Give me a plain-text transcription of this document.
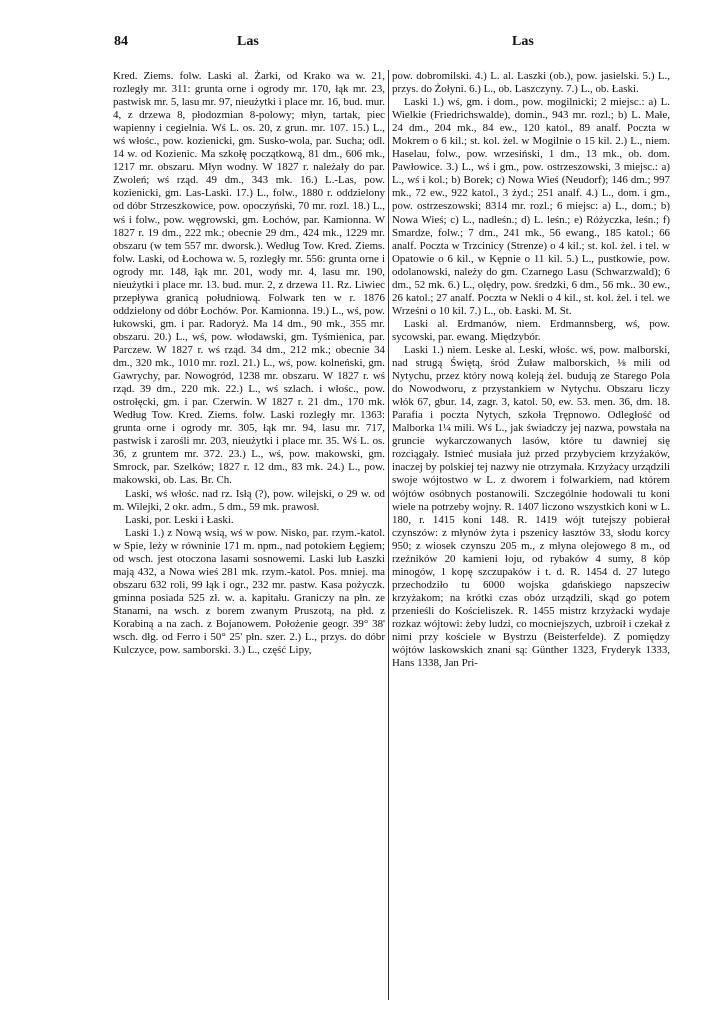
84	Las	Las

Kred. Ziems. folw. Laski al. Żarki, od Krako wa w. 21, rozległy mr. 311: grunta orne i ogrody mr. 170, łąk mr. 23, pastwisk mr. 5, lasu mr. 97, nieużytki i place mr. 16, bud. mur. 4, z drzewa 8, płodozmian 8-polowy; młyn, tartak, piec wapienny i cegielnia. Wś L. os. 20, z grun. mr. 107. 15.) L., wś włośc., pow. kozienicki, gm. Susko-wola, par. Sucha; odl. 14 w. od Kozienic. Ma szkołę początkową, 81 dm., 606 mk., 1217 mr. obszaru. Młyn wodny. W 1827 r. należały do par. Zwoleń; wś rząd. 49 dm., 343 mk. 16.) L.-Las, pow. kozienicki, gm. Las-Laski. 17.) L., folw., 1880 r. oddzielony od dóbr Strzeszkowice, pow. opoczyński, 70 mr. rozl. 18.) L., wś i folw., pow. węgrowski, gm. Łochów, par. Kamionna. W 1827 r. 19 dm., 222 mk.; obecnie 29 dm., 424 mk., 1229 mr. obszaru (w tem 557 mr. dworsk.). Według Tow. Kred. Ziems. folw. Laski, od Łochowa w. 5, rozległy mr. 556: grunta orne i ogrody mr. 148, łąk mr. 201, wody mr. 4, lasu mr. 190, nieużytki i place mr. 13. bud. mur. 2, z drzewa 11. Rz. Liwiec przepływa granicą południową. Folwark ten w r. 1876 oddzielony od dóbr Łochów. Por. Kamionna. 19.) L., wś, pow. łukowski, gm. i par. Radoryż. Ma 14 dm., 90 mk., 355 mr. obszaru. 20.) L., wś, pow. włodawski, gm. Tyśmienica, par. Parczew. W 1827 r. wś rząd. 34 dm., 212 mk.; obecnie 34 dm., 320 mk., 1010 mr. rozl. 21.) L., wś, pow. kolneński, gm. Gawrychy, par. Nowogród, 1238 mr. obszaru. W 1827 r. wś rząd. 39 dm., 220 mk. 22.) L., wś szlach. i włośc., pow. ostrołęcki, gm. i par. Czerwin. W 1827 r. 21 dm., 170 mk. Według Tow. Kred. Ziems. folw. Laski rozległy mr. 1363: grunta orne i ogrody mr. 305, łąk mr. 94, lasu mr. 717, pastwisk i zarośli mr. 203, nieużytki i place mr. 35. Wś L. os. 36, z gruntem mr. 372. 23.) L., wś, pow. makowski, gm. Smrock, par. Szelków; 1827 r. 12 dm., 83 mk. 24.) L., pow. makowski, ob. Las. Br. Ch.

Laski, wś włośc. nad rz. Isłą (?), pow. wilejski, o 29 w. od m. Wilejki, 2 okr. adm., 5 dm., 59 mk. prawosł.

Laski, por. Leski i Łaski.

Laski 1.) z Nową wsią, wś w pow. Nisko, par. rzym.-katol. w Spie, leży w równinie 171 m. npm., nad potokiem Łęgiem; od wsch. jest otoczona lasami sosnowemi. Laski lub Łaszki mają 432, a Nowa wieś 281 mk. rzym.-katol. Pos. mniej. ma obszaru 632 roli, 99 łąk i ogr., 232 mr. pastw. Kasa pożyczk. gminna posiada 525 zł. w. a. kapitału. Graniczy na płn. ze Stanami, na wsch. z borem zwanym Pruszotą, na płd. z Korabiną a na zach. z Bojanowem. Położenie geogr. 39° 38' wsch. dłg. od Ferro i 50° 25' płn. szer. 2.) L., przys. do dóbr Kulczyce, pow. samborski. 3.) L., część Lipy,

pow. dobromilski. 4.) L. al. Laszki (ob.), pow. jasielski. 5.) L., przys. do Żołyni. 6.) L., ob. Laszczyny. 7.) L., ob. Łaski.

Laski 1.) wś, gm. i dom., pow. mogilnicki; 2 miejsc.: a) L. Wielkie (Friedrichswalde), domin., 943 mr. rozl.; b) L. Małe, 24 dm., 204 mk., 84 ew., 120 katol., 89 analf. Poczta w Mokrem o 6 kil.; st. kol. żel. w Mogilnie o 15 kil. 2.) L., niem. Haselau, folw., pow. wrzesiński, 1 dm., 13 mk., ob. dom. Pawłowice. 3.) L., wś i gm., pow. ostrzeszowski, 3 miejsc.: a) L., wś i kol.; b) Borek; c) Nowa Wieś (Neudorf); 146 dm.; 997 mk., 72 ew., 922 katol., 3 żyd.; 251 analf. 4.) L., dom. i gm., pow. ostrzeszowski; 8314 mr. rozl.; 6 miejsc: a) L., dom.; b) Nowa Wieś; c) L., nadleśn.; d) L. leśn.; e) Różyczka, leśn.; f) Smardze, folw.; 7 dm., 241 mk., 56 ewang., 185 katol.; 66 analf. Poczta w Trzcinicy (Strenze) o 4 kil.; st. kol. żel. i tel. w Opatowie o 6 kil., w Kępnie o 11 kil. 5.) L., pustkowie, pow. odolanowski, należy do gm. Czarnego Lasu (Schwarzwald); 6 dm., 52 mk. 6.) L., olędry, pow. średzki, 6 dm., 56 mk.. 30 ew., 26 katol.; 27 analf. Poczta w Nekli o 4 kil., st. kol. żel. i tel. we Wrześni o 10 kil. 7.) L., ob. Łaski. M. St.

Laski al. Erdmanów, niem. Erdmannsberg, wś, pow. sycowski, par. ewang. Międzybór.

Laski 1.) niem. Leske al. Leski, włośc. wś, pow. malborski, nad strugą Świętą, śród Żuław malborskich, ⅛ mili od Nytychu, przez który nową koleją żel. budują ze Starego Pola do Nowodworu, z przystankiem w Nytychu. Obszaru liczy włók 67, gbur. 14, zagr. 3, katol. 50, ew. 53. men. 36, dm. 18. Parafia i poczta Nytych, szkoła Trępnowo. Odległość od Malborka 1¼ mili. Wś L., jak świadczy jej nazwa, powstała na gruncie wykarczowanych lasów, które tu dawniej się rozciągały. Istnieć musiała już przed przybyciem krzyżaków, inaczej by polskiej tej nazwy nie otrzymała. Krzyżacy urządzili swoje wójtostwo w L. z dworem i folwarkiem, nad którem wójtów osóbnych postanowili. Szczególnie hodowali tu koni wiele na potrzeby wojny. R. 1407 liczono wszystkich koni w L. 180, r. 1415 koni 148. R. 1419 wójt tutejszy pobierał czynszów: z młynów żyta i pszenicy łasztów 33, słodu korcy 950; z wiosek czynszu 205 m., z młyna olejowego 8 m., od rzeźników 20 kamieni łoju, od rybaków 4 sumy, 8 kóp minogów, 1 kopę szczupaków i t. d. R. 1454 d. 27 lutego przechodziło tu 6000 wojska gdańskiego napszeciw krzyżakom; na krótki czas obóz urządzili, skąd go potem przenieśli do Kościeliszek. R. 1455 mistrz krzyżacki wydaje rozkaz wójtowi: żeby ludzi, co mocniejszych, uzbroił i czekał z nimi przy kościele w Bystrzu (Beisterfelde). Z pomiędzy wójtów laskowskich znani są: Günther 1323, Fryderyk 1333, Hans 1338, Jan Pri-
